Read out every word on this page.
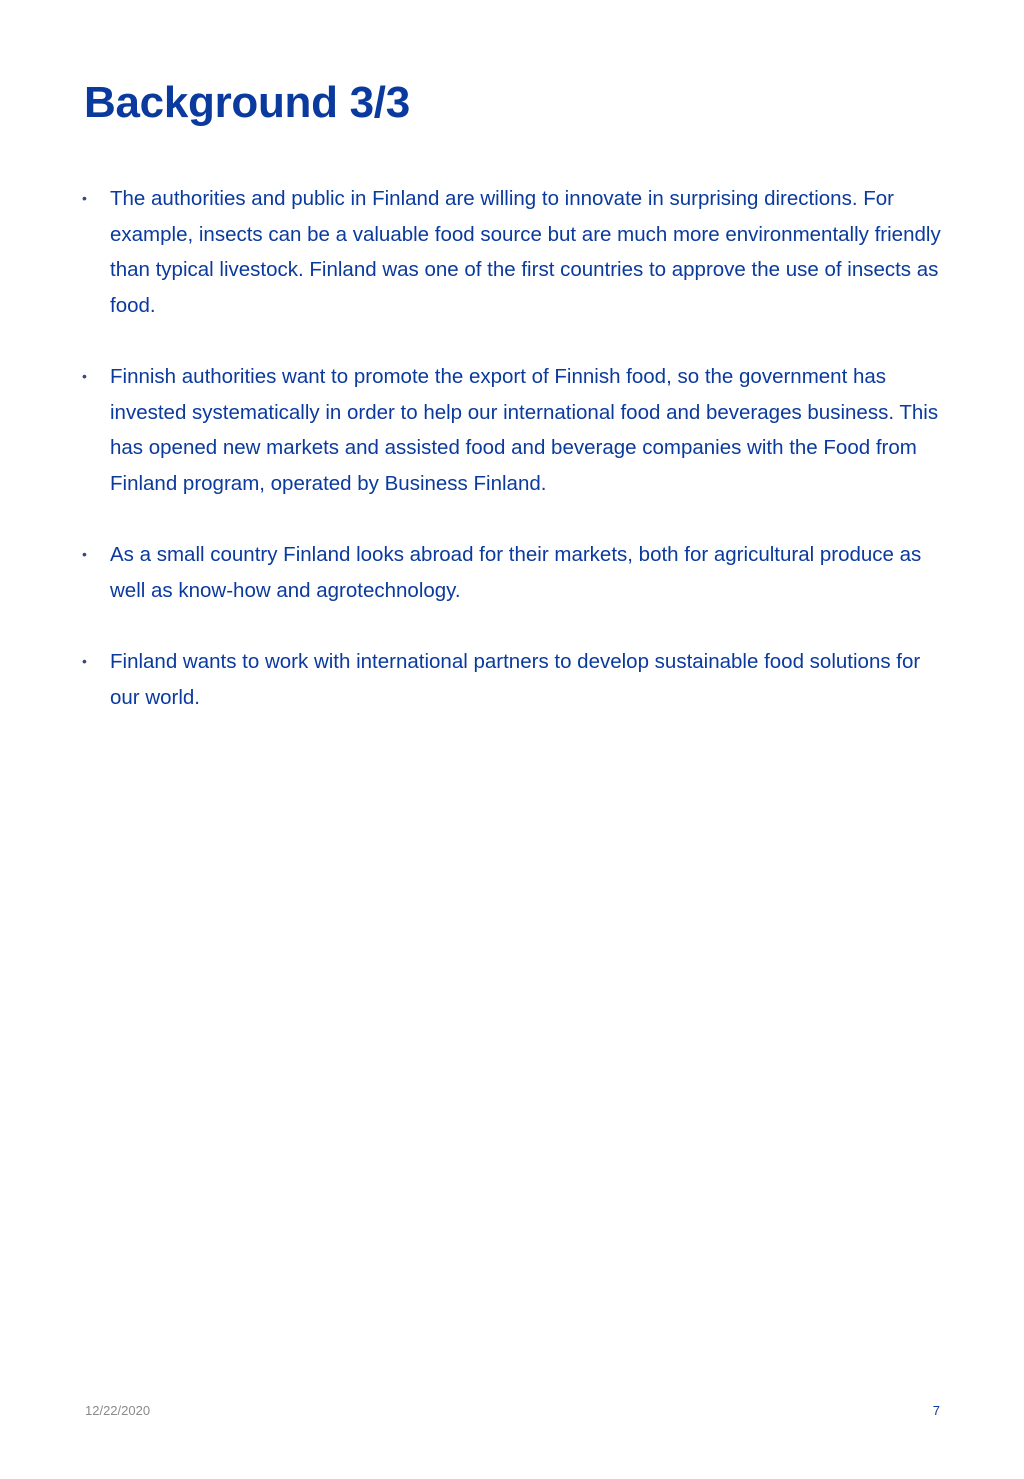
Background 3/3
•	The authorities and public in Finland are willing to innovate in surprising directions. For example, insects can be a valuable food source but are much more environmentally friendly than typical livestock. Finland was one of the first countries to approve the use of insects as food.
•	Finnish authorities want to promote the export of Finnish food, so the government has invested systematically in order to help our international food and beverages business. This has opened new markets and assisted food and beverage companies with the Food from Finland program, operated by Business Finland.
•	As a small country Finland looks abroad for their markets, both for agricultural produce as well as know-how and agrotechnology.
•	Finland wants to work with international partners to develop sustainable food solutions for our world.
12/22/2020	7
